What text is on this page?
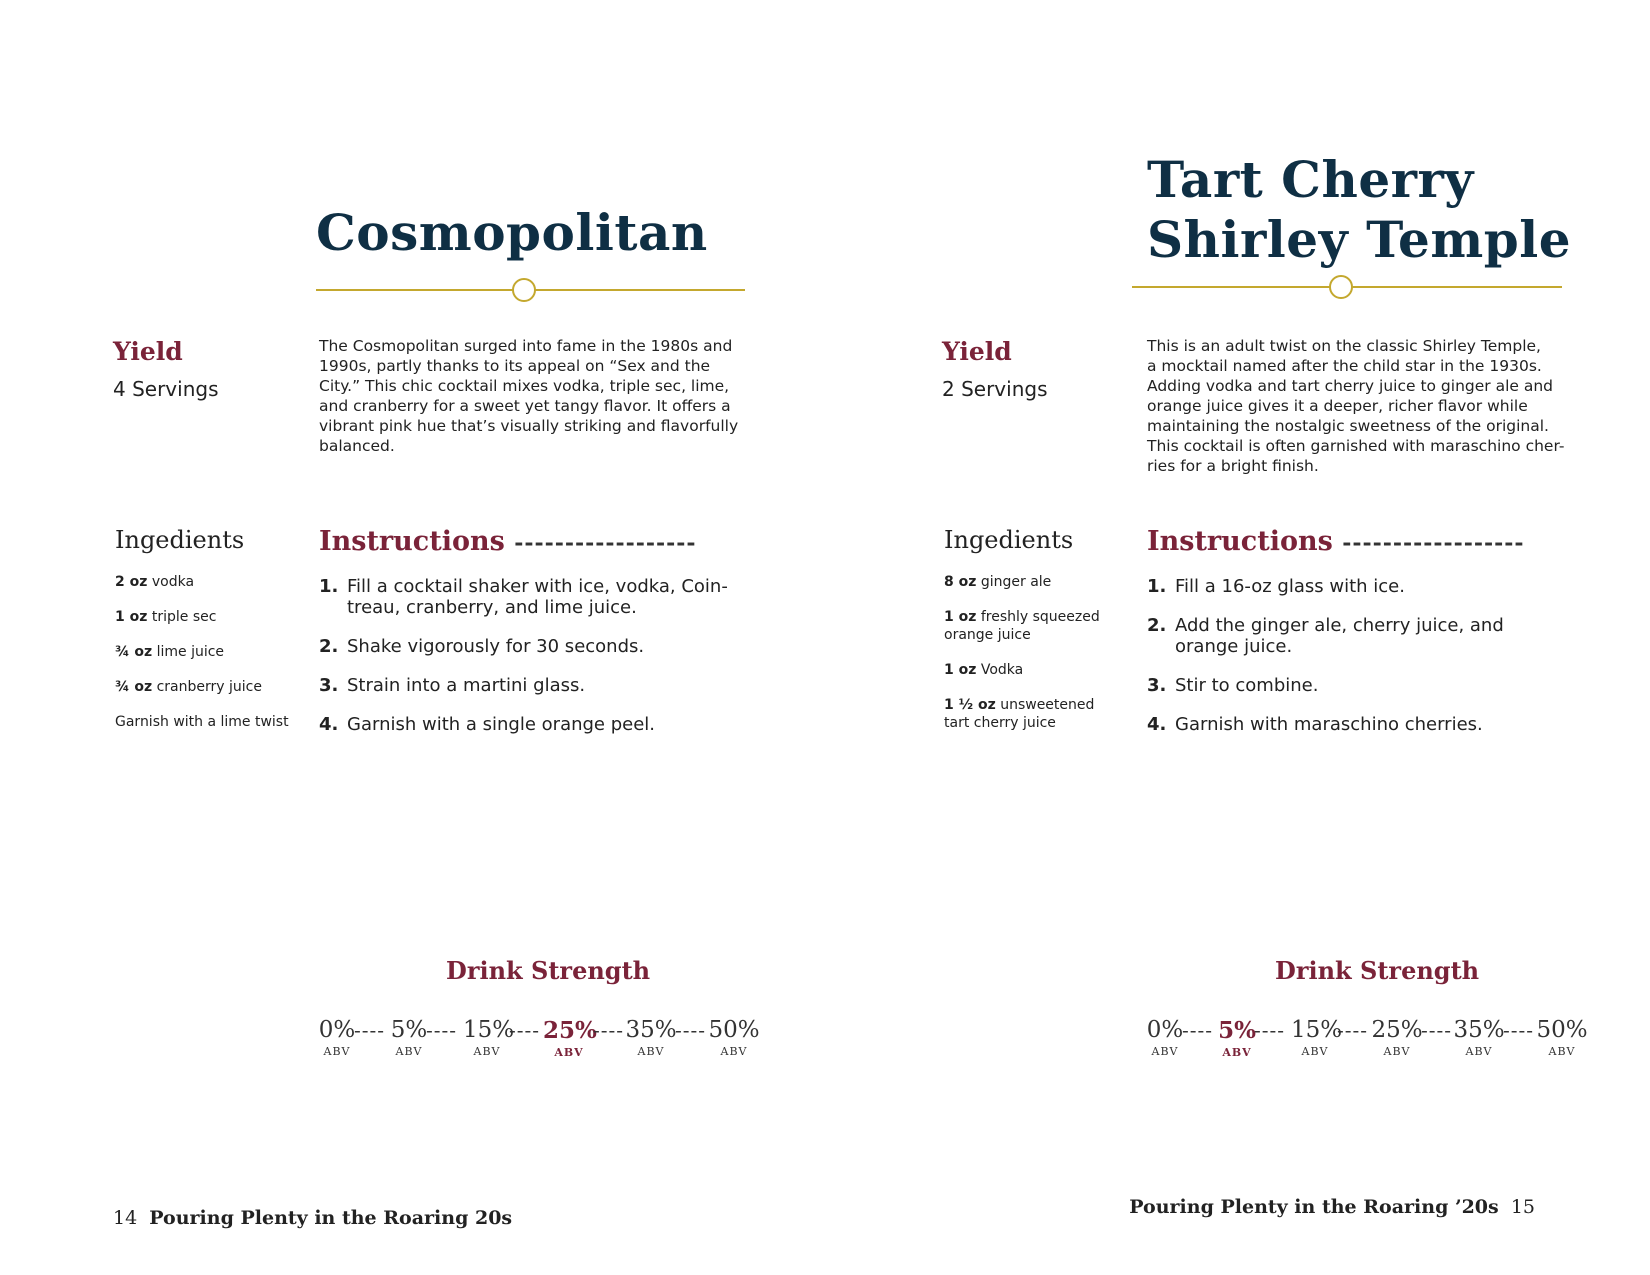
Cosmopolitan
Yield
4 Servings
The Cosmopolitan surged into fame in the 1980s and
1990s, partly thanks to its appeal on “Sex and the
City.” This chic cocktail mixes vodka, triple sec, lime,
and cranberry for a sweet yet tangy flavor. It offers a
vibrant pink hue that’s visually striking and flavorfully
balanced.
Ingedients
2 oz vodka
1 oz triple sec
¾ oz lime juice
¾ oz cranberry juice
Garnish with a lime twist
Instructions ------------------
1. Fill a cocktail shaker with ice, vodka, Coin-
treau, cranberry, and lime juice.
2. Shake vigorously for 30 seconds.
3. Strain into a martini glass.
4. Garnish with a single orange peel.
Drink Strength
0%
ABV
---- 5%
ABV
---- 15%
ABV
---- 25%
ABV
---- 35%
ABV
---- 50%
ABV
14 Pouring Plenty in the Roaring 20s
Tart Cherry
Shirley Temple
Yield
2 Servings
This is an adult twist on the classic Shirley Temple,
a mocktail named after the child star in the 1930s.
Adding vodka and tart cherry juice to ginger ale and
orange juice gives it a deeper, richer flavor while
maintaining the nostalgic sweetness of the original.
This cocktail is often garnished with maraschino cher-
ries for a bright finish.
Ingedients
8 oz ginger ale
1 oz freshly squeezed orange juice
1 oz Vodka
1 ½ oz unsweetened tart cherry juice
Instructions ------------------
1. Fill a 16-oz glass with ice.
2. Add the ginger ale, cherry juice, and
orange juice.
3. Stir to combine.
4. Garnish with maraschino cherries.
Drink Strength
0%
ABV
---- 5%
ABV
---- 15%
ABV
---- 25%
ABV
---- 35%
ABV
---- 50%
ABV
Pouring Plenty in the Roaring ’20s 15
